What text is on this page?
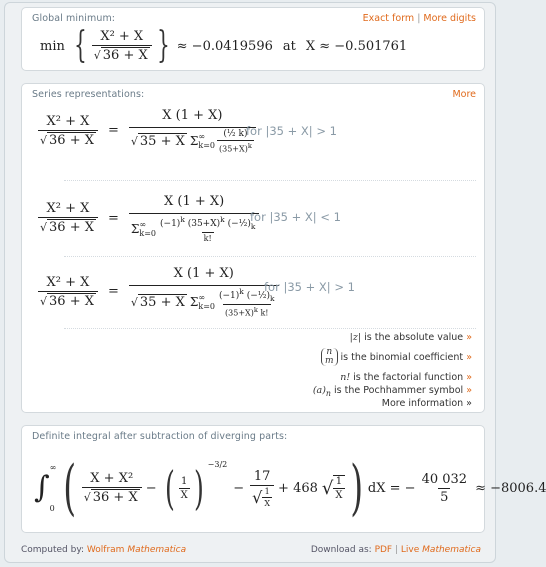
Global minimum:	Exact form | More digits
min { $\frac{\text{X² + X}}{√ 36 + X}$ } ≈ −0.0419596 at X ≈ −0.501761
Series representations:	More
$\frac{\text{X² + X}}{√ 36 + X}$ =
X (1 + X)
√ 35 + X Σ ∞
$k=0 \frac{\text{(½ k)}}{(35+X)^k}$
for |35 + X| > 1
$\frac{\text{X² + X}}{√ 36 + X}$ =
X (1 + X)
Σ ∞
$k=0 \frac{(-1)^k (35+X)^k (-\frac{1}{2})_k}{k!}$
for |35 + X| < 1
$\frac{\text{X² + X}}{√ 36 + X}$ =
X (1 + X)
√ 35 + X Σ ∞
$k=0 \frac{(-1)^k (-\frac{1}{2})_k}{(35+X)^k k!}$
for |35 + X| > 1
|z| is the absolute value »
n
m is the binomial coefficient
»
n! is the factorial function »
$(a)_n$ is the Pochhammer symbol »
More information »
Definite integral after subtraction of diverging parts:
∫
∞
0 ( $\frac{\text{X + X²}}{√ 36 + X}$ − ( $\frac{1}{X}$ ) −3/2
− $\frac{17}{√ \frac{1}{X}} + 468$ √ $\frac{1}{X}$ ) dX = − $\frac{40 032}{5} \approx -8006.4$
Computed by: Wolfram Mathematica	Download as: PDF | Live Mathematica
